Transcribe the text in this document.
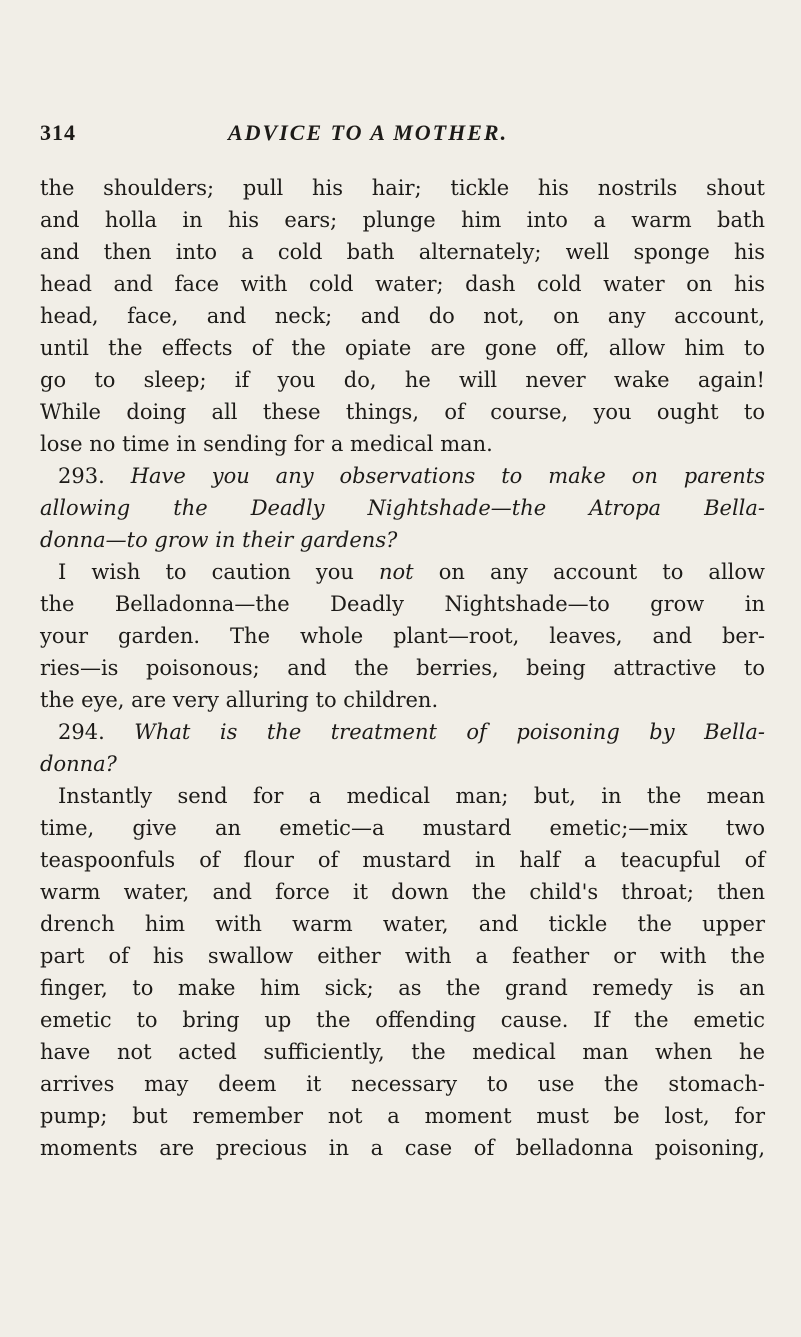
314	ADVICE TO A MOTHER.
the shoulders; pull his hair; tickle his nostrils shout
and holla in his ears; plunge him into a warm bath
and then into a cold bath alternately; well sponge his
head and face with cold water; dash cold water on his
head, face, and neck; and do not, on any account,
until the effects of the opiate are gone off, allow him to
go to sleep; if you do, he will never wake again!
While doing all these things, of course, you ought to
lose no time in sending for a medical man.
293. Have you any observations to make on parents
allowing the Deadly Nightshade—the Atropa Bella-
donna—to grow in their gardens?
I wish to caution you not on any account to allow
the Belladonna—the Deadly Nightshade—to grow in
your garden. The whole plant—root, leaves, and ber-
ries—is poisonous; and the berries, being attractive to
the eye, are very alluring to children.
294. What is the treatment of poisoning by Bella-
donna?
Instantly send for a medical man; but, in the mean
time, give an emetic—a mustard emetic;—mix two
teaspoonfuls of flour of mustard in half a teacupful of
warm water, and force it down the child's throat; then
drench him with warm water, and tickle the upper
part of his swallow either with a feather or with the
finger, to make him sick; as the grand remedy is an
emetic to bring up the offending cause. If the emetic
have not acted sufficiently, the medical man when he
arrives may deem it necessary to use the stomach-
pump; but remember not a moment must be lost, for
moments are precious in a case of belladonna poisoning,
